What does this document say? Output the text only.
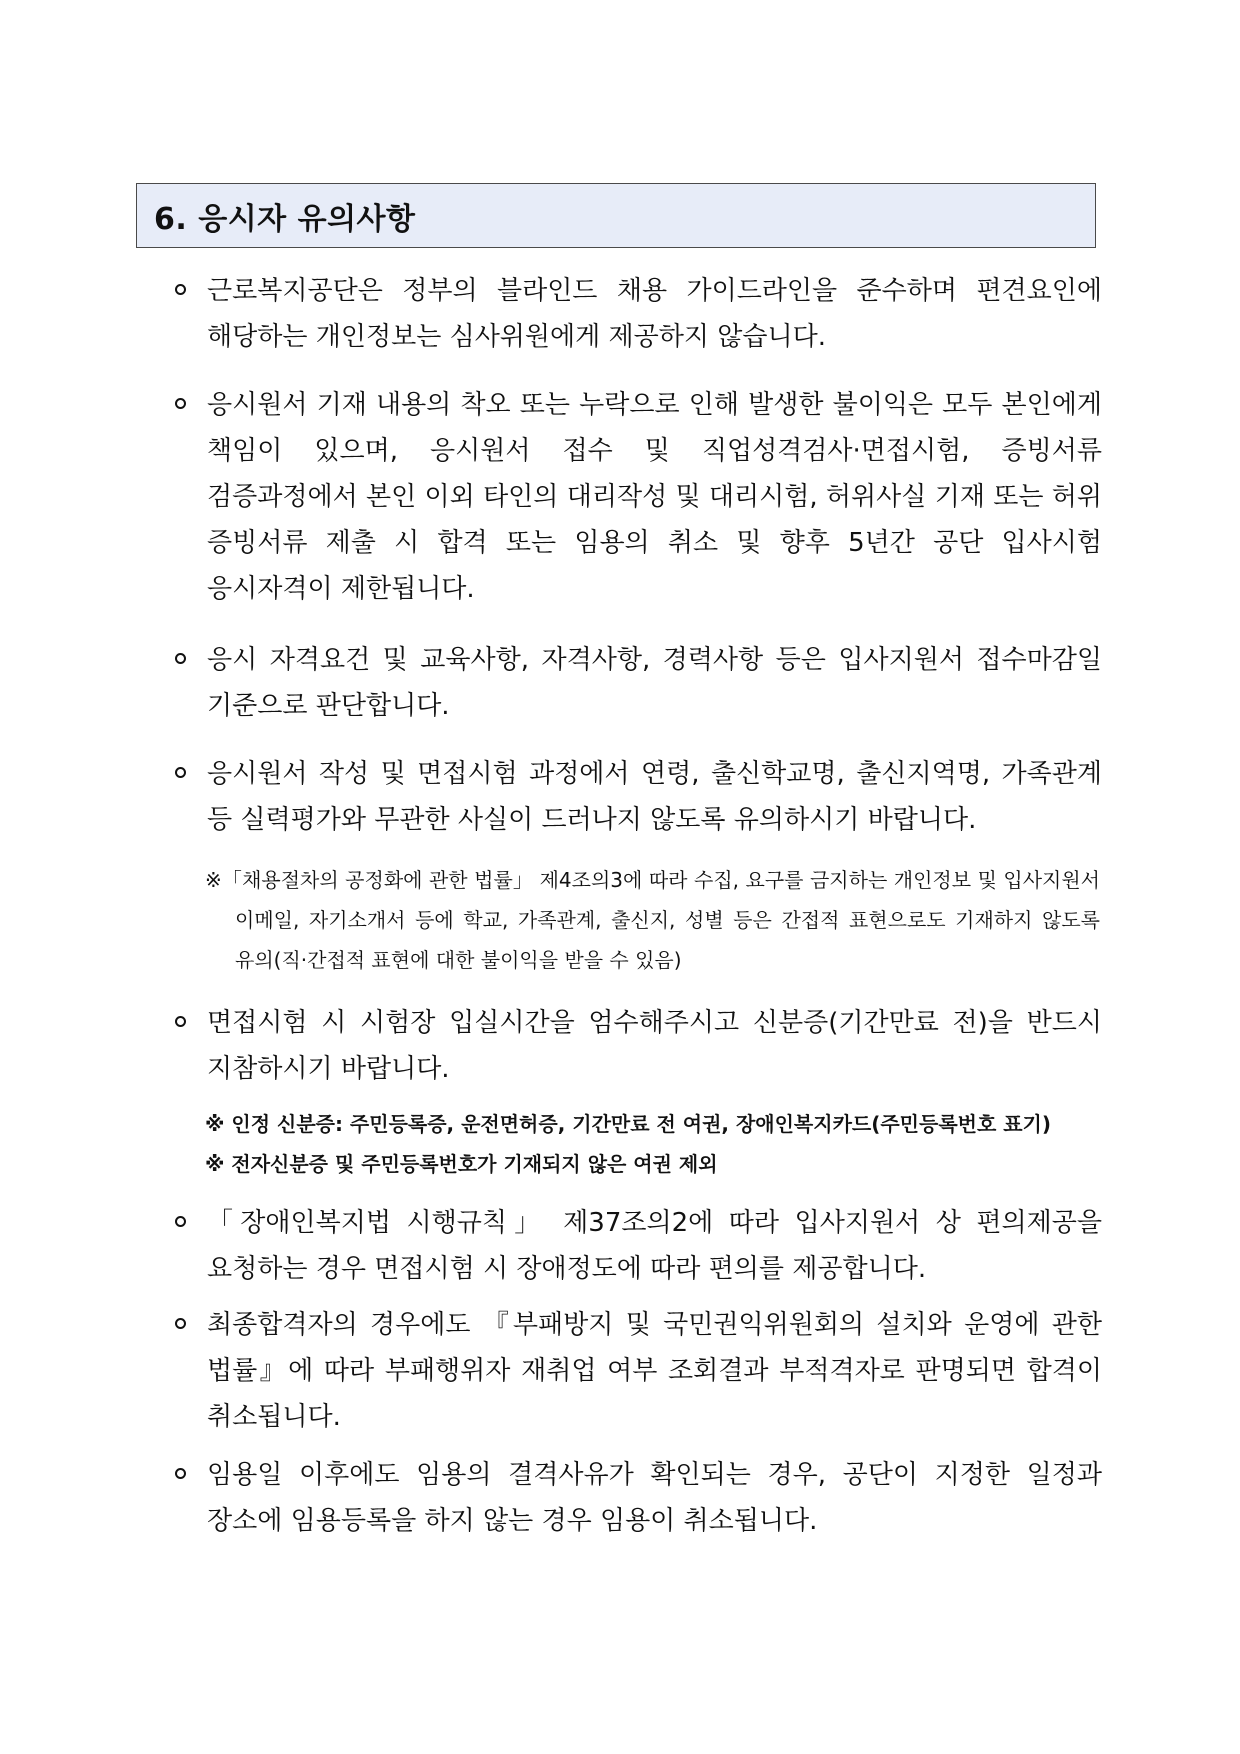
6. 응시자 유의사항

근로복지공단은 정부의 블라인드 채용 가이드라인을 준수하며 편견요인에 해당하는 개인정보는 심사위원에게 제공하지 않습니다.

응시원서 기재 내용의 착오 또는 누락으로 인해 발생한 불이익은 모두 본인에게 책임이 있으며, 응시원서 접수 및 직업성격검사·면접시험, 증빙서류 검증과정에서 본인 이외 타인의 대리작성 및 대리시험, 허위사실 기재 또는 허위 증빙서류 제출 시 합격 또는 임용의 취소 및 향후 5년간 공단 입사시험 응시자격이 제한됩니다.

응시 자격요건 및 교육사항, 자격사항, 경력사항 등은 입사지원서 접수마감일 기준으로 판단합니다.

응시원서 작성 및 면접시험 과정에서 연령, 출신학교명, 출신지역명, 가족관계 등 실력평가와 무관한 사실이 드러나지 않도록 유의하시기 바랍니다.

※「채용절차의 공정화에 관한 법률」 제4조의3에 따라 수집, 요구를 금지하는 개인정보 및 입사지원서 이메일, 자기소개서 등에 학교, 가족관계, 출신지, 성별 등은 간접적 표현으로도 기재하지 않도록 유의(직·간접적 표현에 대한 불이익을 받을 수 있음)

면접시험 시 시험장 입실시간을 엄수해주시고 신분증(기간만료 전)을 반드시 지참하시기 바랍니다.

※ 인정 신분증: 주민등록증, 운전면허증, 기간만료 전 여권, 장애인복지카드(주민등록번호 표기)

※ 전자신분증 및 주민등록번호가 기재되지 않은 여권 제외

「장애인복지법 시행규칙」 제37조의2에 따라 입사지원서 상 편의제공을 요청하는 경우 면접시험 시 장애정도에 따라 편의를 제공합니다.

최종합격자의 경우에도 『부패방지 및 국민권익위원회의 설치와 운영에 관한 법률』에 따라 부패행위자 재취업 여부 조회결과 부적격자로 판명되면 합격이 취소됩니다.

임용일 이후에도 임용의 결격사유가 확인되는 경우, 공단이 지정한 일정과 장소에 임용등록을 하지 않는 경우 임용이 취소됩니다.
